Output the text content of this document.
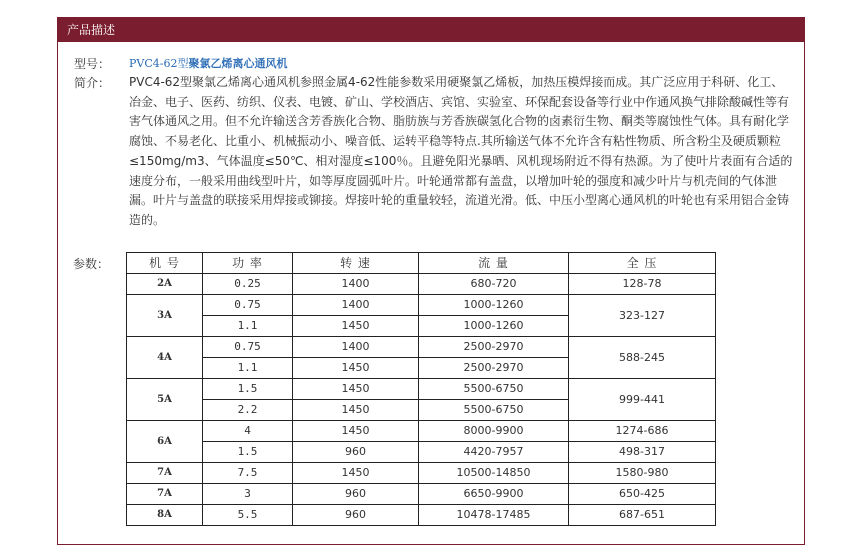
产品描述
型号： PVC4-62型聚氯乙烯离心通风机
简介： PVC4-62型聚氯乙烯离心通风机参照金属4-62性能参数采用硬聚氯乙烯板，加热压模焊接而成。其广泛应用于科研、化工、冶金、电子、医药、纺织、仪表、电镀、矿山、学校酒店、宾馆、实验室、环保配套设备等行业中作通风换气排除酸碱性等有害气体通风之用。但不允许输送含芳香族化合物、脂肪族与芳香族碳氢化合物的卤素衍生物、酮类等腐蚀性气体。具有耐化学腐蚀、不易老化、比重小、机械振动小、噪音低、运转平稳等特点.其所输送气体不允许含有粘性物质、所含粉尘及硬质颗粒≤150mg/m3、气体温度≤50℃、相对湿度≤100％。且避免阳光暴晒、风机现场附近不得有热源。为了使叶片表面有合适的速度分布，一般采用曲线型叶片，如等厚度圆弧叶片。叶轮通常都有盖盘，以增加叶轮的强度和减少叶片与机壳间的气体泄漏。叶片与盖盘的联接采用焊接或铆接。焊接叶轮的重量较轻，流道光滑。低、中压小型离心通风机的叶轮也有采用铝合金铸造的。

参数：	机 号	功 率	转 速	流 量	全 压
2A	0.25	1400	680-720	128-78
3A	0.75	1400	1000-1260	323-127
	1.1	1450	1000-1260	
4A	0.75	1400	2500-2970	588-245
	1.1	1450	2500-2970	
5A	1.5	1450	5500-6750	999-441
	2.2	1450	5500-6750	
6A	4	1450	8000-9900	1274-686
	1.5	960	4420-7957	498-317
7A	7.5	1450	10500-14850	1580-980
7A	3	960	6650-9900	650-425
8A	5.5	960	10478-17485	687-651
